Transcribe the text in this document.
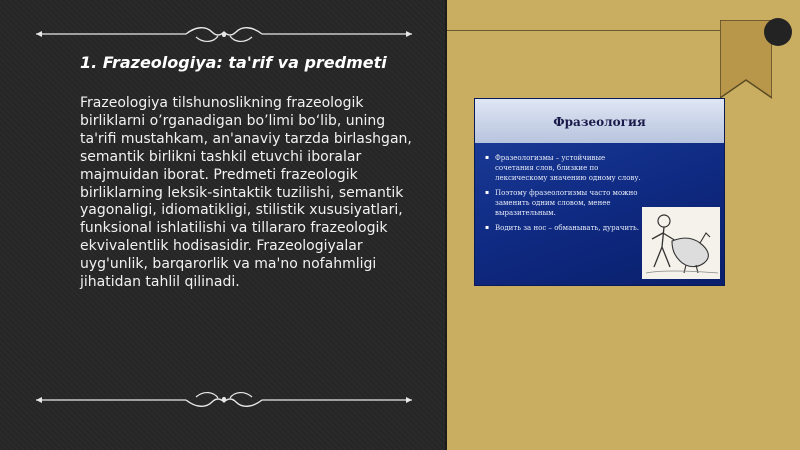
1. Frazeologiya: ta'rif va predmeti
Frazeologiya tilshunoslikning frazeologik birliklarni o’rganadigan bo’limi bo‘lib, uning ta'rifi mustahkam, an'anaviy tarzda birlashgan, semantik birlikni tashkil etuvchi iboralar majmuidan iborat. Predmeti frazeologik birliklarning leksik-sintaktik tuzilishi, semantik yagonaligi, idiomatikligi, stilistik xususiyatlari, funksional ishlatilishi va tillararo frazeologik ekvivalentlik hodisasidir. Frazeologiyalar uyg'unlik, barqarorlik va ma'no nofahmligi jihatidan tahlil qilinadi.
Фразеология
▪ Фразеологизмы – устойчивые сочетания слов, близкие по лексическому значению одному слову.
▪ Поэтому фразеологизмы часто можно заменить одним словом, менее выразительным.
▪ Водить за нос – обманывать, дурачить.
